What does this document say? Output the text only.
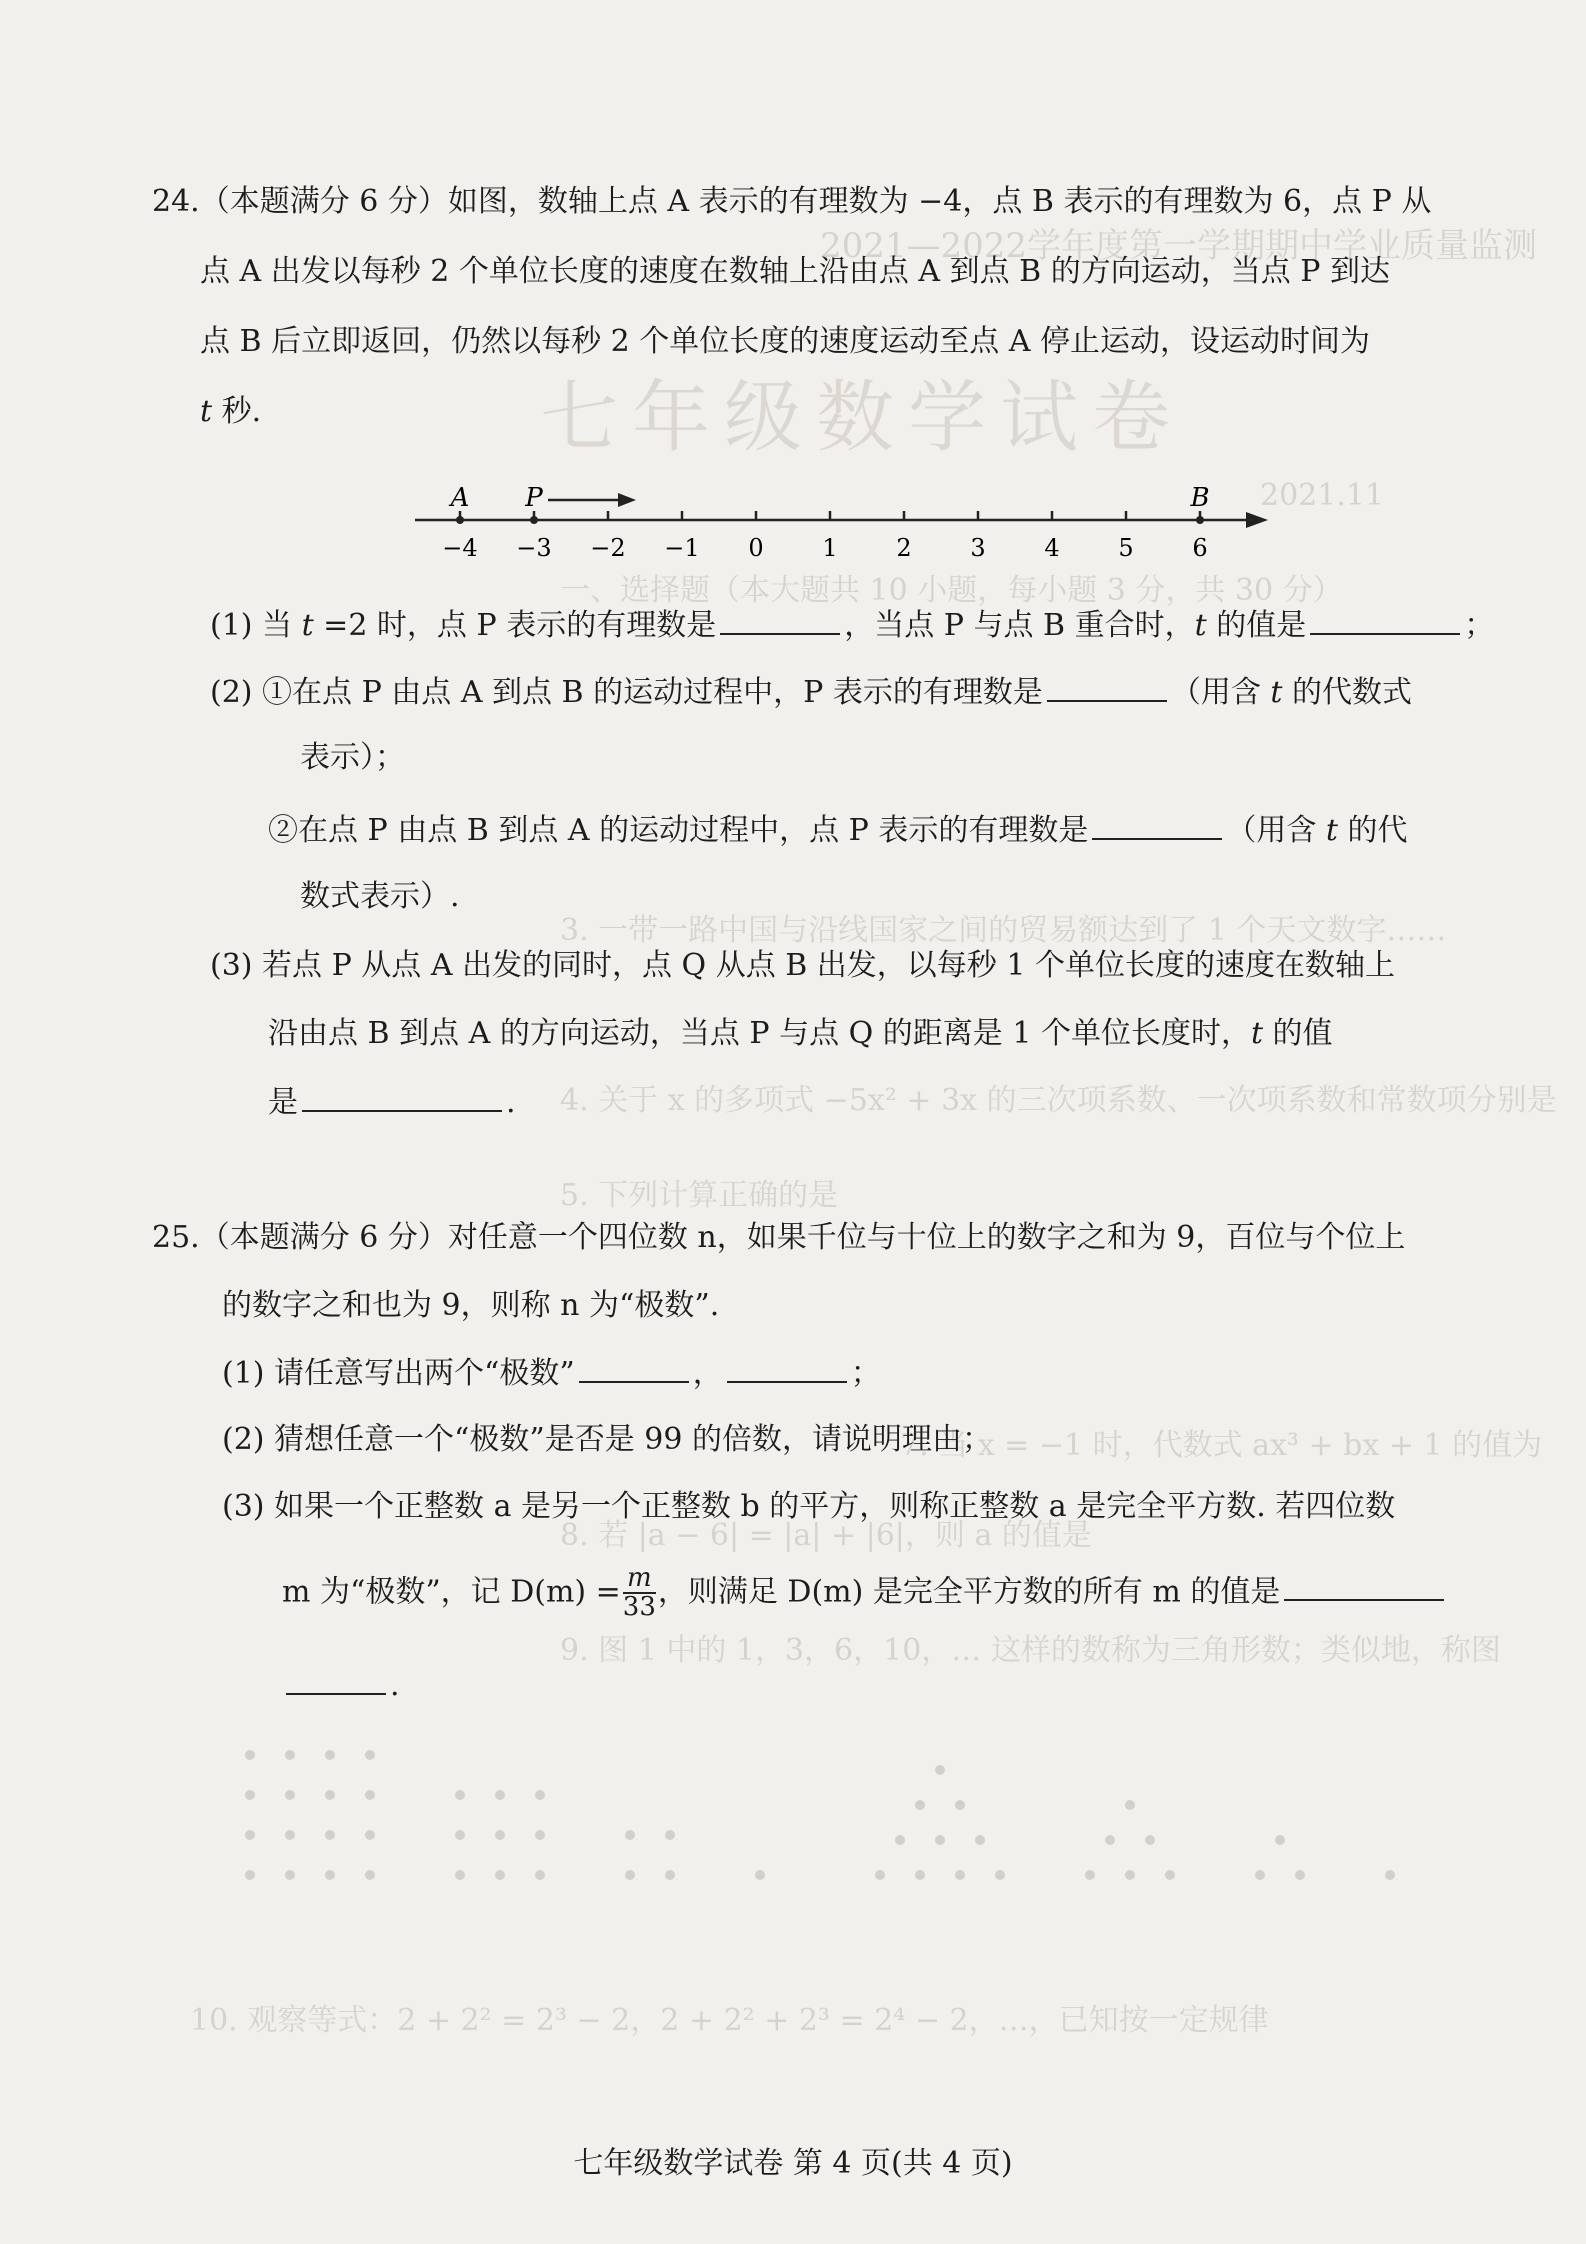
2021—2022学年度第一学期期中学业质量监测
七年级数学试卷
2021.11
一、选择题（本大题共 10 小题，每小题 3 分，共 30 分）
3. 一带一路中国与沿线国家之间的贸易额达到了 1 个天文数字……
4. 关于 x 的多项式 −5x² + 3x 的三次项系数、一次项系数和常数项分别是
5. 下列计算正确的是
7. 当 x = −1 时，代数式 ax³ + bx + 1 的值为
8. 若 |a − 6| = |a| + |6|，则 a 的值是
9. 图 1 中的 1，3，6，10，… 这样的数称为三角形数；类似地，称图
10. 观察等式：2 + 2² = 2³ − 2，2 + 2² + 2³ = 2⁴ − 2，…，已知按一定规律
24.（本题满分 6 分）如图，数轴上点 A 表示的有理数为 −4，点 B 表示的有理数为 6，点 P 从
点 A 出发以每秒 2 个单位长度的速度在数轴上沿由点 A 到点 B 的方向运动，当点 P 到达
点 B 后立即返回，仍然以每秒 2 个单位长度的速度运动至点 A 停止运动，设运动时间为
t 秒.
−4 −3 −2 −1 0 1 2 3 4 5 6
A P	B
(1) 当 t =2 时，点 P 表示的有理数是	，当点 P 与点 B 重合时，t 的值是	；
(2) ①在点 P 由点 A 到点 B 的运动过程中，P 表示的有理数是	（用含 t 的代数式
表示）；
②在点 P 由点 B 到点 A 的运动过程中，点 P 表示的有理数是	（用含 t 的代
数式表示）.
(3) 若点 P 从点 A 出发的同时，点 Q 从点 B 出发，以每秒 1 个单位长度的速度在数轴上
沿由点 B 到点 A 的方向运动，当点 P 与点 Q 的距离是 1 个单位长度时，t 的值
是	.
25.（本题满分 6 分）对任意一个四位数 n，如果千位与十位上的数字之和为 9，百位与个位上
的数字之和也为 9，则称 n 为“极数”.
(1) 请任意写出两个“极数”	，	；
(2) 猜想任意一个“极数”是否是 99 的倍数，请说明理由；
(3) 如果一个正整数 a 是另一个正整数 b 的平方，则称正整数 a 是完全平方数. 若四位数
m 为“极数”，记 $D(m) = \frac{m}{33}$ ，则满足 D(m) 是完全平方数的所有 m 的值是
.
七年级数学试卷 第 4 页(共 4 页)
